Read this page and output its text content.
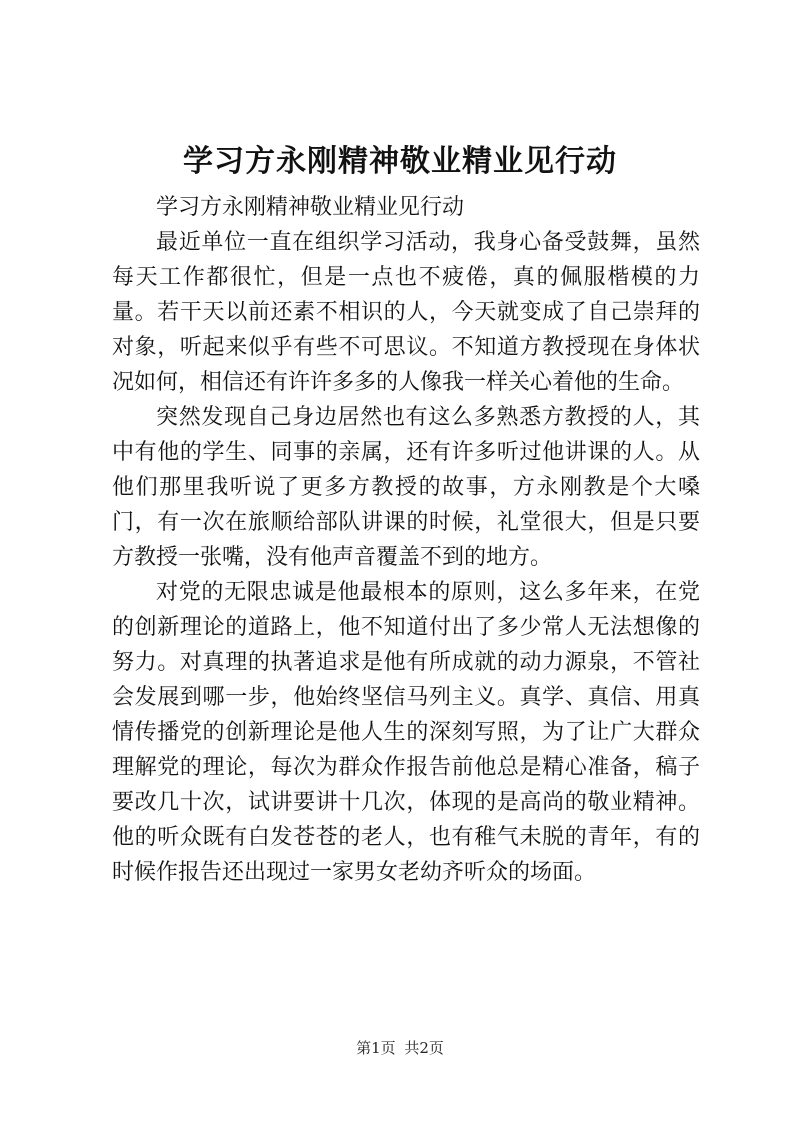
学习方永刚精神敬业精业见行动

学习方永刚精神敬业精业见行动

最近单位一直在组织学习活动，我身心备受鼓舞，虽然每天工作都很忙，但是一点也不疲倦，真的佩服楷模的力量。若干天以前还素不相识的人，今天就变成了自己崇拜的对象，听起来似乎有些不可思议。不知道方教授现在身体状况如何，相信还有许许多多的人像我一样关心着他的生命。

突然发现自己身边居然也有这么多熟悉方教授的人，其中有他的学生、同事的亲属，还有许多听过他讲课的人。从他们那里我听说了更多方教授的故事，方永刚教是个大嗓门，有一次在旅顺给部队讲课的时候，礼堂很大，但是只要方教授一张嘴，没有他声音覆盖不到的地方。

对党的无限忠诚是他最根本的原则，这么多年来，在党的创新理论的道路上，他不知道付出了多少常人无法想像的努力。对真理的执著追求是他有所成就的动力源泉，不管社会发展到哪一步，他始终坚信马列主义。真学、真信、用真情传播党的创新理论是他人生的深刻写照，为了让广大群众理解党的理论，每次为群众作报告前他总是精心准备，稿子要改几十次，试讲要讲十几次，体现的是高尚的敬业精神。他的听众既有白发苍苍的老人，也有稚气未脱的青年，有的时候作报告还出现过一家男女老幼齐听众的场面。

第1页 共2页
